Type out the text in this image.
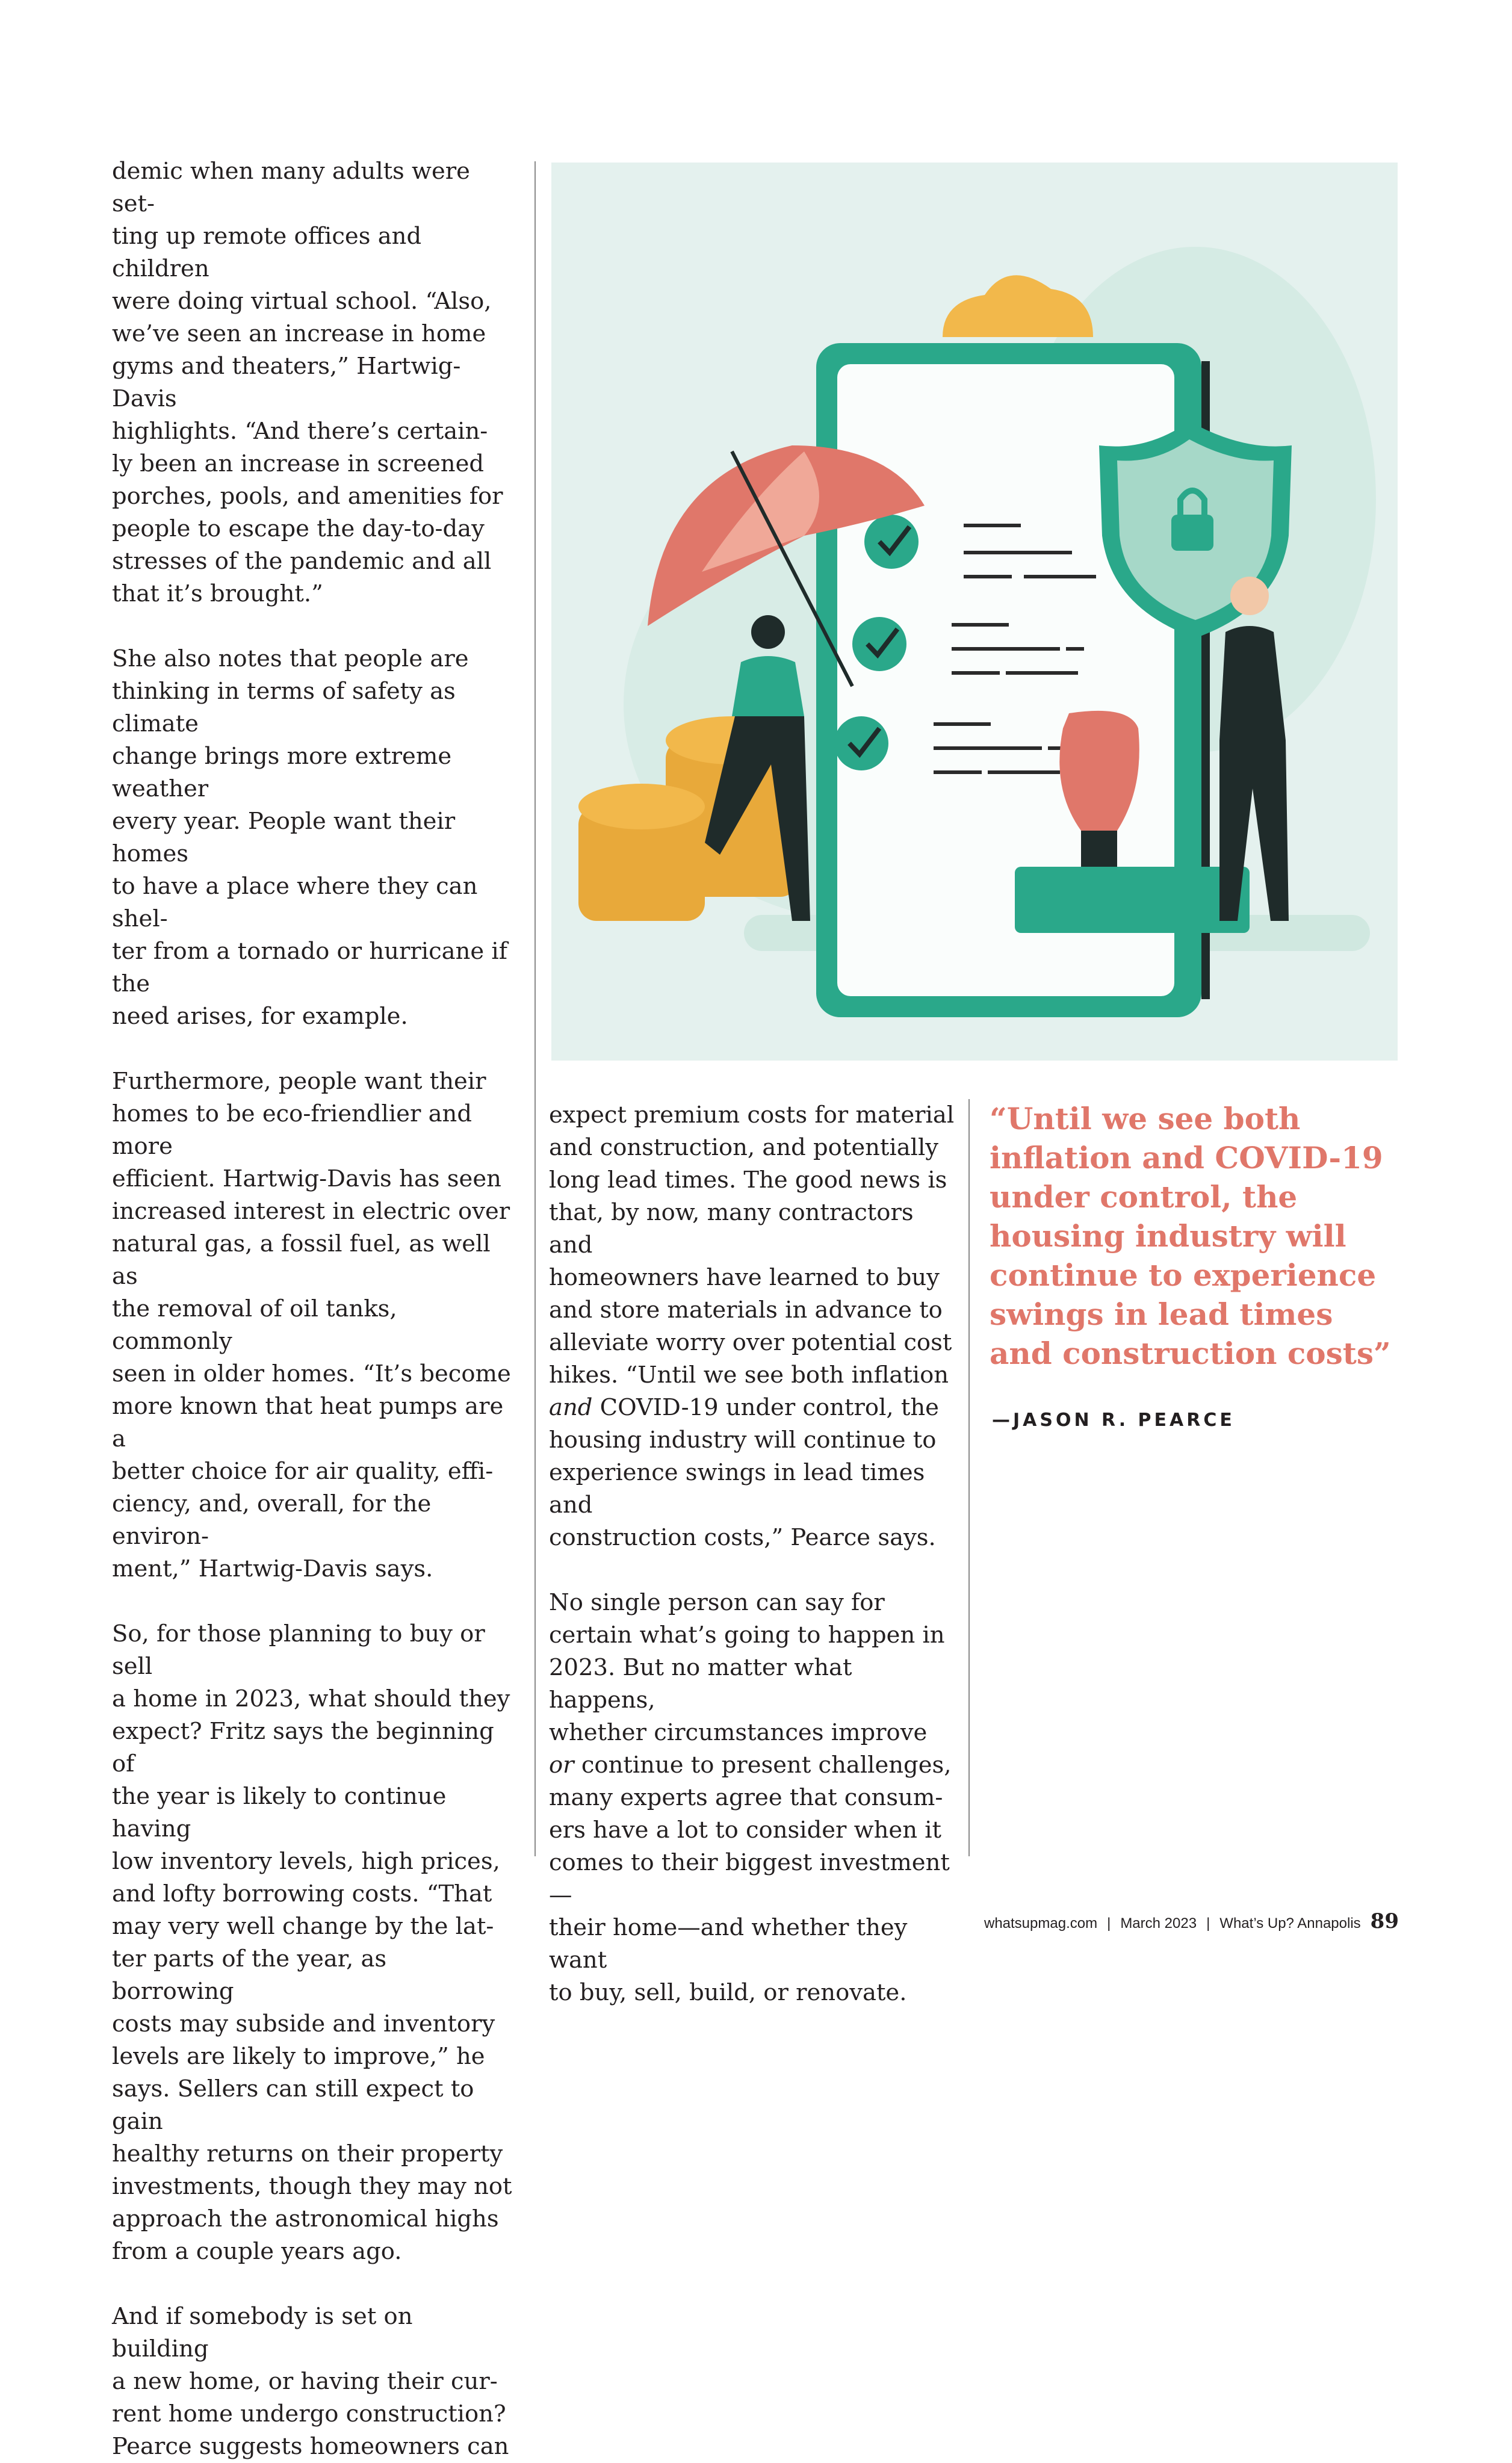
demic when many adults were set-
ting up remote offices and children
were doing virtual school. “Also,
we’ve seen an increase in home
gyms and theaters,” Hartwig-Davis
highlights. “And there’s certain-
ly been an increase in screened
porches, pools, and amenities for
people to escape the day-to-day
stresses of the pandemic and all
that it’s brought.”

She also notes that people are
thinking in terms of safety as climate
change brings more extreme weather
every year. People want their homes
to have a place where they can shel-
ter from a tornado or hurricane if the
need arises, for example.

Furthermore, people want their
homes to be eco-friendlier and more
efficient. Hartwig-Davis has seen
increased interest in electric over
natural gas, a fossil fuel, as well as
the removal of oil tanks, commonly
seen in older homes. “It’s become
more known that heat pumps are a
better choice for air quality, effi-
ciency, and, overall, for the environ-
ment,” Hartwig-Davis says.

So, for those planning to buy or sell
a home in 2023, what should they
expect? Fritz says the beginning of
the year is likely to continue having
low inventory levels, high prices,
and lofty borrowing costs. “That
may very well change by the lat-
ter parts of the year, as borrowing
costs may subside and inventory
levels are likely to improve,” he
says. Sellers can still expect to gain
healthy returns on their property
investments, though they may not
approach the astronomical highs
from a couple years ago.

And if somebody is set on building
a new home, or having their cur-
rent home undergo construction?
Pearce suggests homeowners can

expect premium costs for material
and construction, and potentially
long lead times. The good news is
that, by now, many contractors and
homeowners have learned to buy
and store materials in advance to
alleviate worry over potential cost
hikes. “Until we see both inflation
and COVID-19 under control, the
housing industry will continue to
experience swings in lead times and
construction costs,” Pearce says.

No single person can say for
certain what’s going to happen in
2023. But no matter what happens,
whether circumstances improve
or continue to present challenges,
many experts agree that consum-
ers have a lot to consider when it
comes to their biggest investment—
their home—and whether they want
to buy, sell, build, or renovate.

“Until we see both
inflation and COVID-19
under control, the
housing industry will
continue to experience
swings in lead times
and construction costs”
—JASON R. PEARCE
whatsupmag.com | March 2023 | What’s Up? Annapolis 89
